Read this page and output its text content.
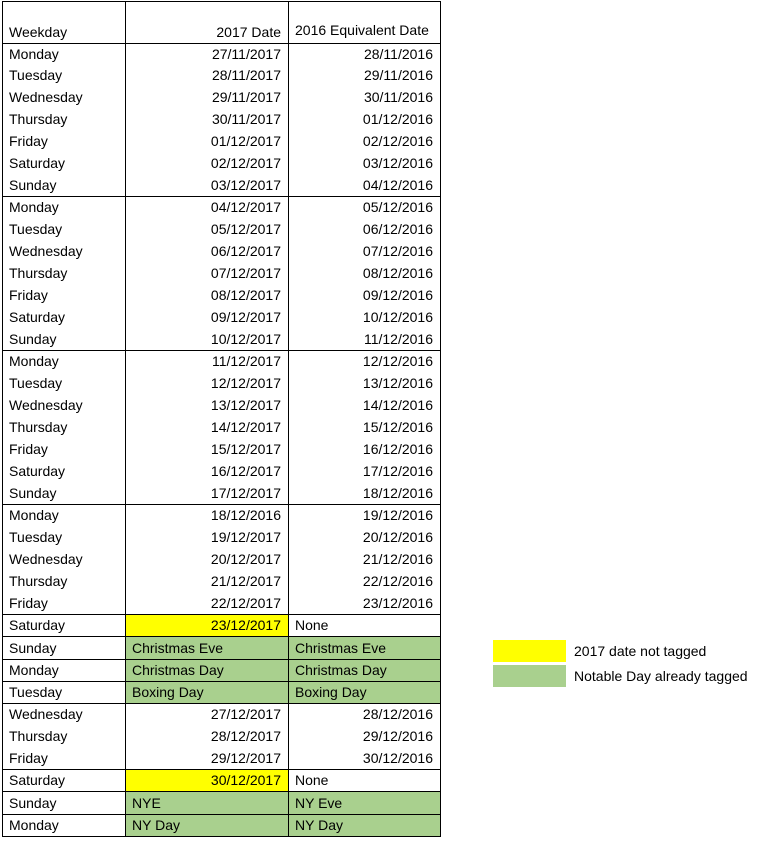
Weekday	2017 Date	2016 Equivalent Date
Monday	27/11/2017	28/11/2016
Tuesday	28/11/2017	29/11/2016
Wednesday	29/11/2017	30/11/2016
Thursday	30/11/2017	01/12/2016
Friday	01/12/2017	02/12/2016
Saturday	02/12/2017	03/12/2016
Sunday	03/12/2017	04/12/2016
Monday	04/12/2017	05/12/2016
Tuesday	05/12/2017	06/12/2016
Wednesday	06/12/2017	07/12/2016
Thursday	07/12/2017	08/12/2016
Friday	08/12/2017	09/12/2016
Saturday	09/12/2017	10/12/2016
Sunday	10/12/2017	11/12/2016
Monday	11/12/2017	12/12/2016
Tuesday	12/12/2017	13/12/2016
Wednesday	13/12/2017	14/12/2016
Thursday	14/12/2017	15/12/2016
Friday	15/12/2017	16/12/2016
Saturday	16/12/2017	17/12/2016
Sunday	17/12/2017	18/12/2016
Monday	18/12/2016	19/12/2016
Tuesday	19/12/2017	20/12/2016
Wednesday	20/12/2017	21/12/2016
Thursday	21/12/2017	22/12/2016
Friday	22/12/2017	23/12/2016
Saturday	23/12/2017	None
Sunday	Christmas Eve	Christmas Eve
Monday	Christmas Day	Christmas Day
Tuesday	Boxing Day	Boxing Day
Wednesday	27/12/2017	28/12/2016
Thursday	28/12/2017	29/12/2016
Friday	29/12/2017	30/12/2016
Saturday	30/12/2017	None
Sunday	NYE	NY Eve
Monday	NY Day	NY Day
2017 date not tagged
Notable Day already tagged
